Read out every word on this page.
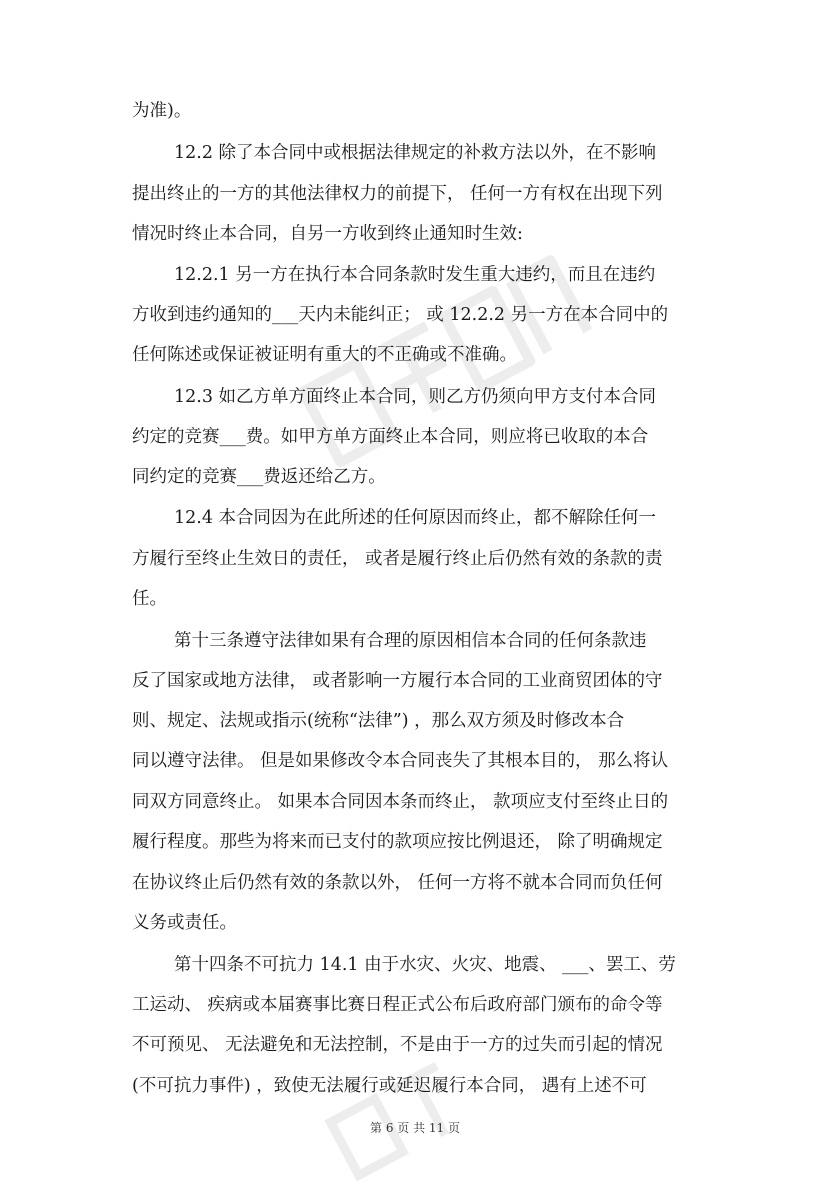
为准)。

12.2 除了本合同中或根据法律规定的补救方法以外，在不影响

提出终止的一方的其他法律权力的前提下， 任何一方有权在出现下列

情况时终止本合同，自另一方收到终止通知时生效:

12.2.1 另一方在执行本合同条款时发生重大违约，而且在违约

方收到违约通知的___天内未能纠正； 或 12.2.2 另一方在本合同中的

任何陈述或保证被证明有重大的不正确或不准确。

12.3 如乙方单方面终止本合同，则乙方仍须向甲方支付本合同

约定的竞赛___费。如甲方单方面终止本合同，则应将已收取的本合

同约定的竞赛___费返还给乙方。

12.4 本合同因为在此所述的任何原因而终止，都不解除任何一

方履行至终止生效日的责任， 或者是履行终止后仍然有效的条款的责

任。

第十三条遵守法律如果有合理的原因相信本合同的任何条款违

反了国家或地方法律， 或者影响一方履行本合同的工业商贸团体的守

则、规定、法规或指示(统称“法律”) ，那么双方须及时修改本合

同以遵守法律。 但是如果修改令本合同丧失了其根本目的， 那么将认

同双方同意终止。 如果本合同因本条而终止， 款项应支付至终止日的

履行程度。那些为将来而已支付的款项应按比例退还， 除了明确规定

在协议终止后仍然有效的条款以外， 任何一方将不就本合同而负任何

义务或责任。

第十四条不可抗力 14.1 由于水灾、火灾、地震、 ___、罢工、劳

工运动、 疾病或本届赛事比赛日程正式公布后政府部门颁布的命令等

不可预见、 无法避免和无法控制，不是由于一方的过失而引起的情况

(不可抗力事件) ，致使无法履行或延迟履行本合同， 遇有上述不可

第 6 页 共 11 页
